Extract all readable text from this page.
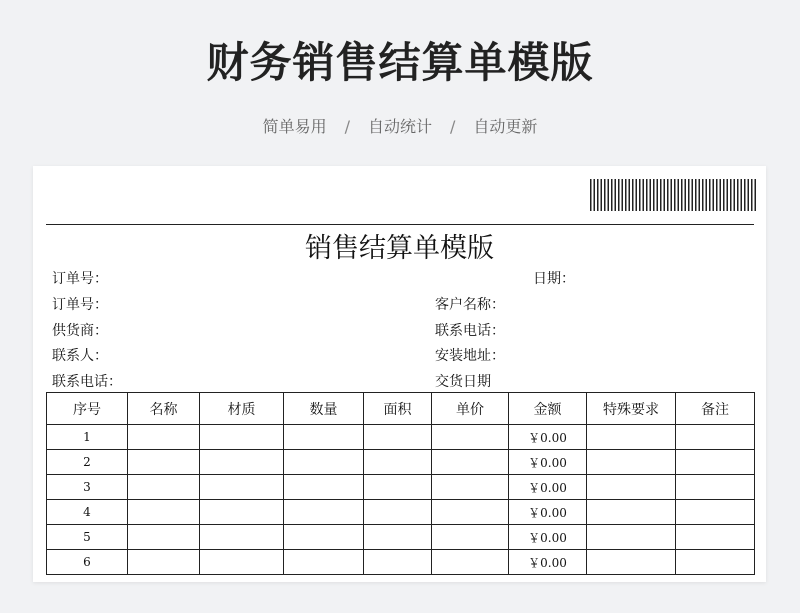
财务销售结算单模版
简单易用 / 自动统计 / 自动更新
销售结算单模版
订单号：	日期：
订单号：	客户名称：
供货商：	联系电话：
联系人：	安装地址：
联系电话：	交货日期
序号	名称	材质	数量	面积	单价	金额	特殊要求	备注
1						￥0.00		
2						￥0.00		
3						￥0.00		
4						￥0.00		
5						￥0.00		
6						￥0.00		
